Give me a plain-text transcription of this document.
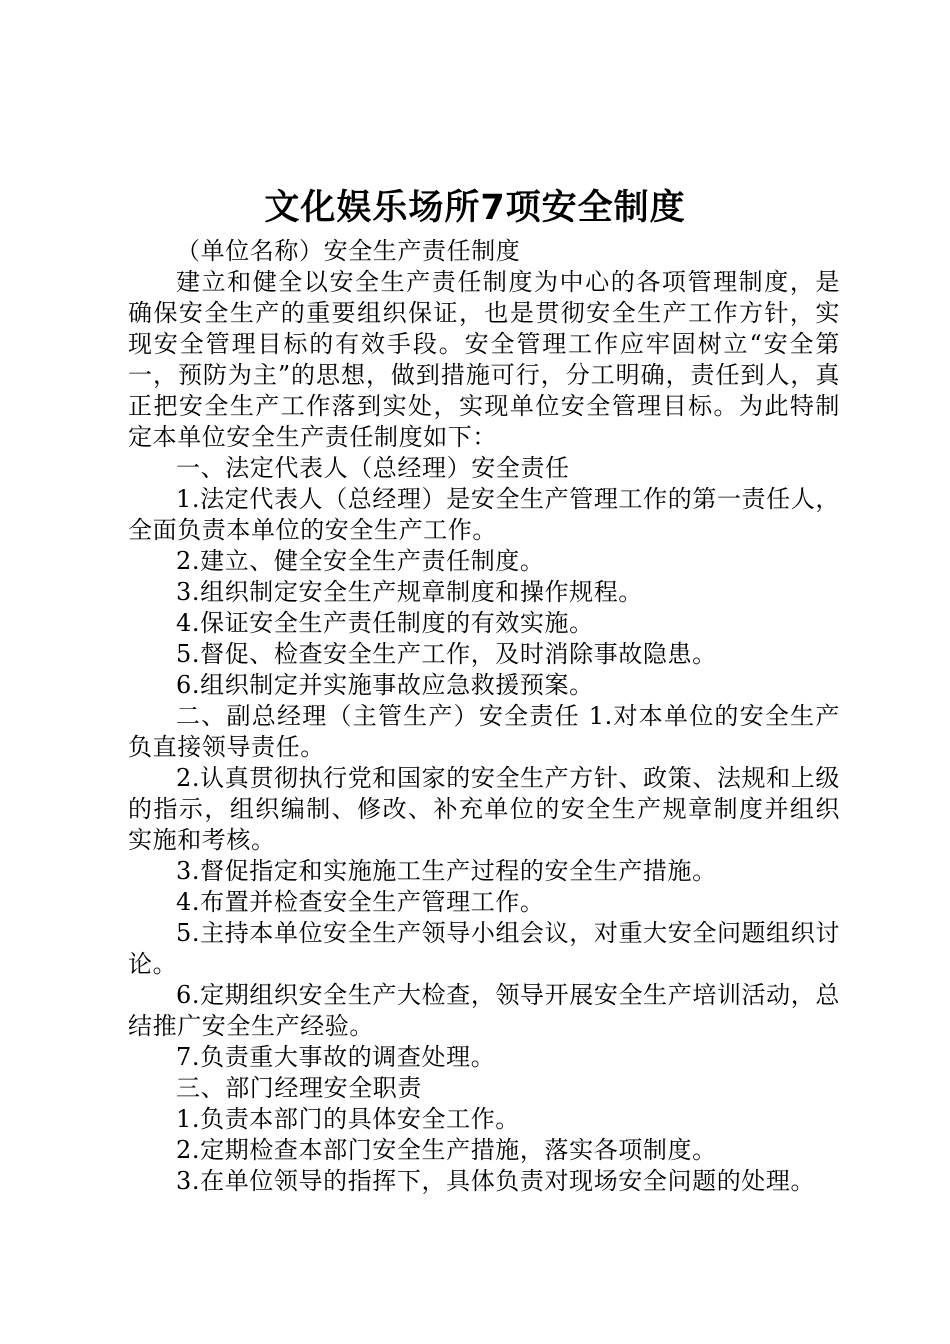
文化娱乐场所7项安全制度

（单位名称）安全生产责任制度

建立和健全以安全生产责任制度为中心的各项管理制度，是确保安全生产的重要组织保证，也是贯彻安全生产工作方针，实现安全管理目标的有效手段。安全管理工作应牢固树立“安全第一，预防为主”的思想，做到措施可行，分工明确，责任到人，真正把安全生产工作落到实处，实现单位安全管理目标。为此特制定本单位安全生产责任制度如下：

一、法定代表人（总经理）安全责任

1.法定代表人（总经理）是安全生产管理工作的第一责任人，全面负责本单位的安全生产工作。

2.建立、健全安全生产责任制度。

3.组织制定安全生产规章制度和操作规程。

4.保证安全生产责任制度的有效实施。

5.督促、检查安全生产工作，及时消除事故隐患。

6.组织制定并实施事故应急救援预案。

二、副总经理（主管生产）安全责任 1.对本单位的安全生产负直接领导责任。

2.认真贯彻执行党和国家的安全生产方针、政策、法规和上级的指示，组织编制、修改、补充单位的安全生产规章制度并组织实施和考核。

3.督促指定和实施施工生产过程的安全生产措施。

4.布置并检查安全生产管理工作。

5.主持本单位安全生产领导小组会议，对重大安全问题组织讨论。

6.定期组织安全生产大检查，领导开展安全生产培训活动，总结推广安全生产经验。

7.负责重大事故的调查处理。

三、部门经理安全职责

1.负责本部门的具体安全工作。

2.定期检查本部门安全生产措施，落实各项制度。

3.在单位领导的指挥下，具体负责对现场安全问题的处理。
